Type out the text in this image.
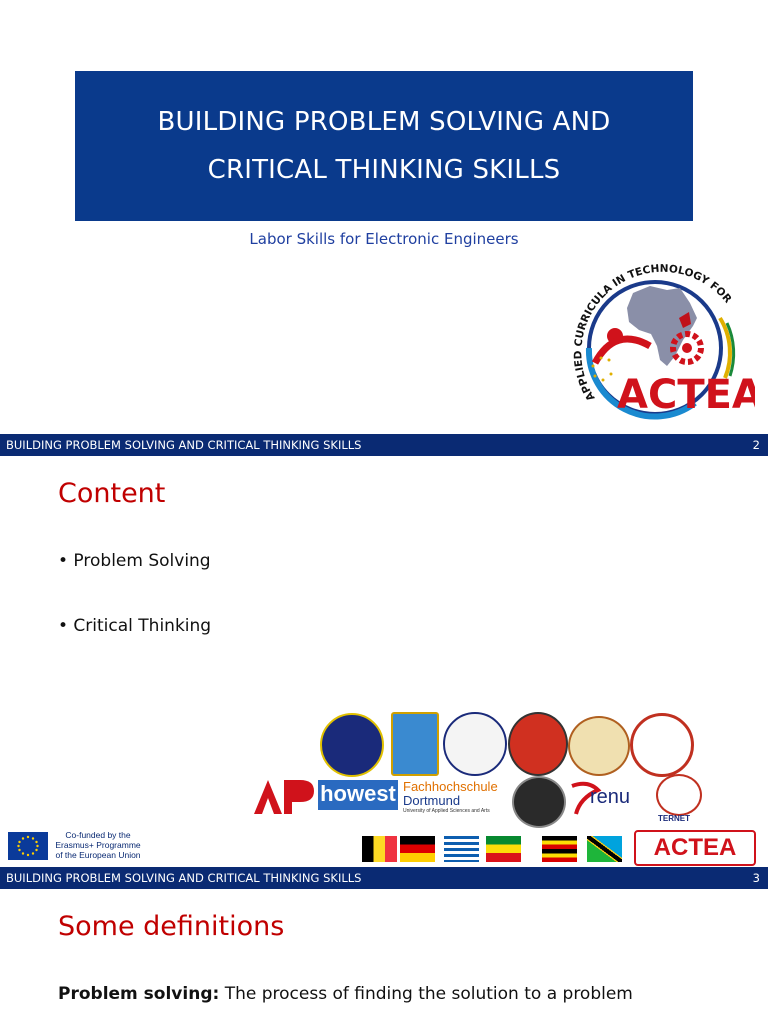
BUILDING PROBLEM SOLVING AND
CRITICAL THINKING SKILLS
Labor Skills for Electronic Engineers
APPLIED CURRICULA IN TECHNOLOGY FOR
ACTEA
BUILDING PROBLEM SOLVING AND CRITICAL THINKING SKILLS	2
Content
• Problem Solving
• Critical Thinking
howest Fachhochschule
Dortmund
University of Applied Sciences and Arts
renu
TERNET
Co-funded by the
Erasmus+ Programme
of the European Union	ACTEA
BUILDING PROBLEM SOLVING AND CRITICAL THINKING SKILLS	3
Some definitions
Problem solving: The process of finding the solution to a problem
